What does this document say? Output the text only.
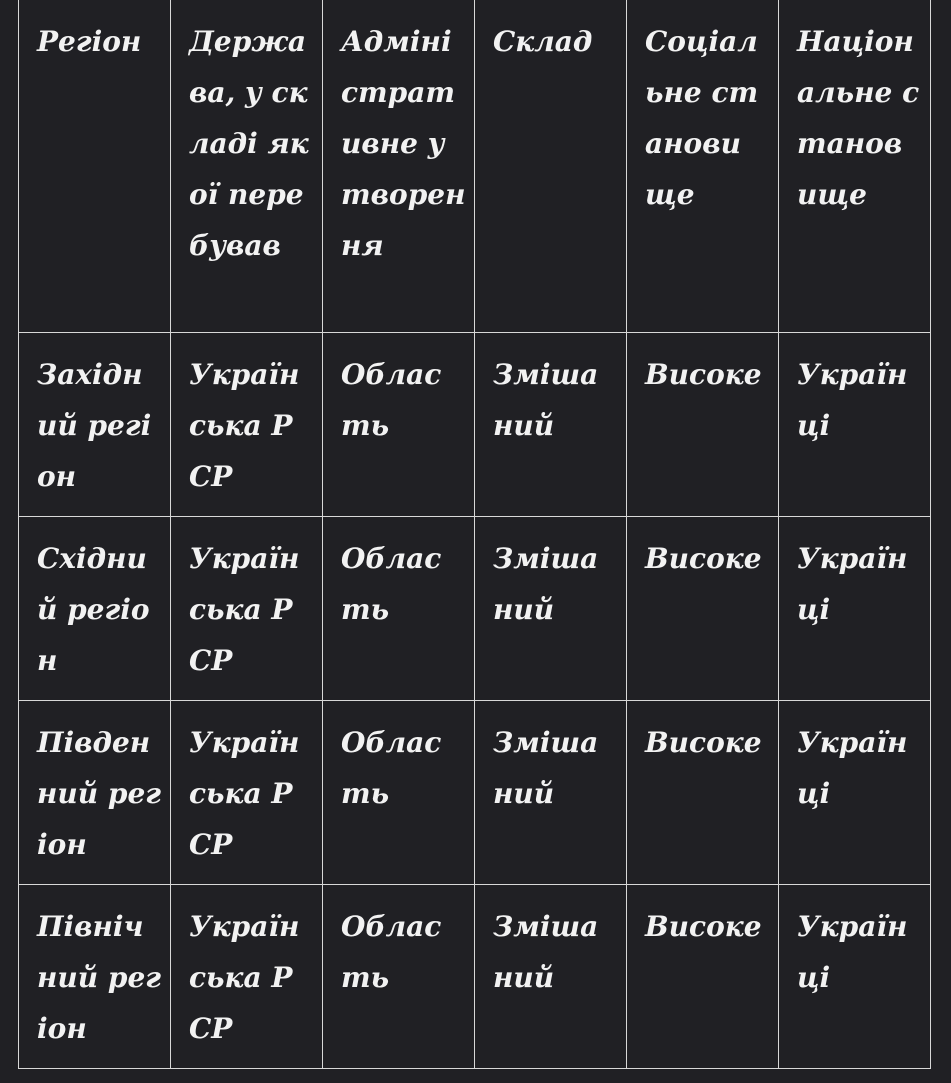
Регіон	Держава, у складі якої перебував	Адміністративне утворення	Склад	Соціальне становище	Національне становище
Західний регіон	Українська РСР	Область	Змішаний	Високе	Українці
Східний регіон	Українська РСР	Область	Змішаний	Високе	Українці
Південний регіон	Українська РСР	Область	Змішаний	Високе	Українці
Північний регіон	Українська РСР	Область	Змішаний	Високе	Українці
